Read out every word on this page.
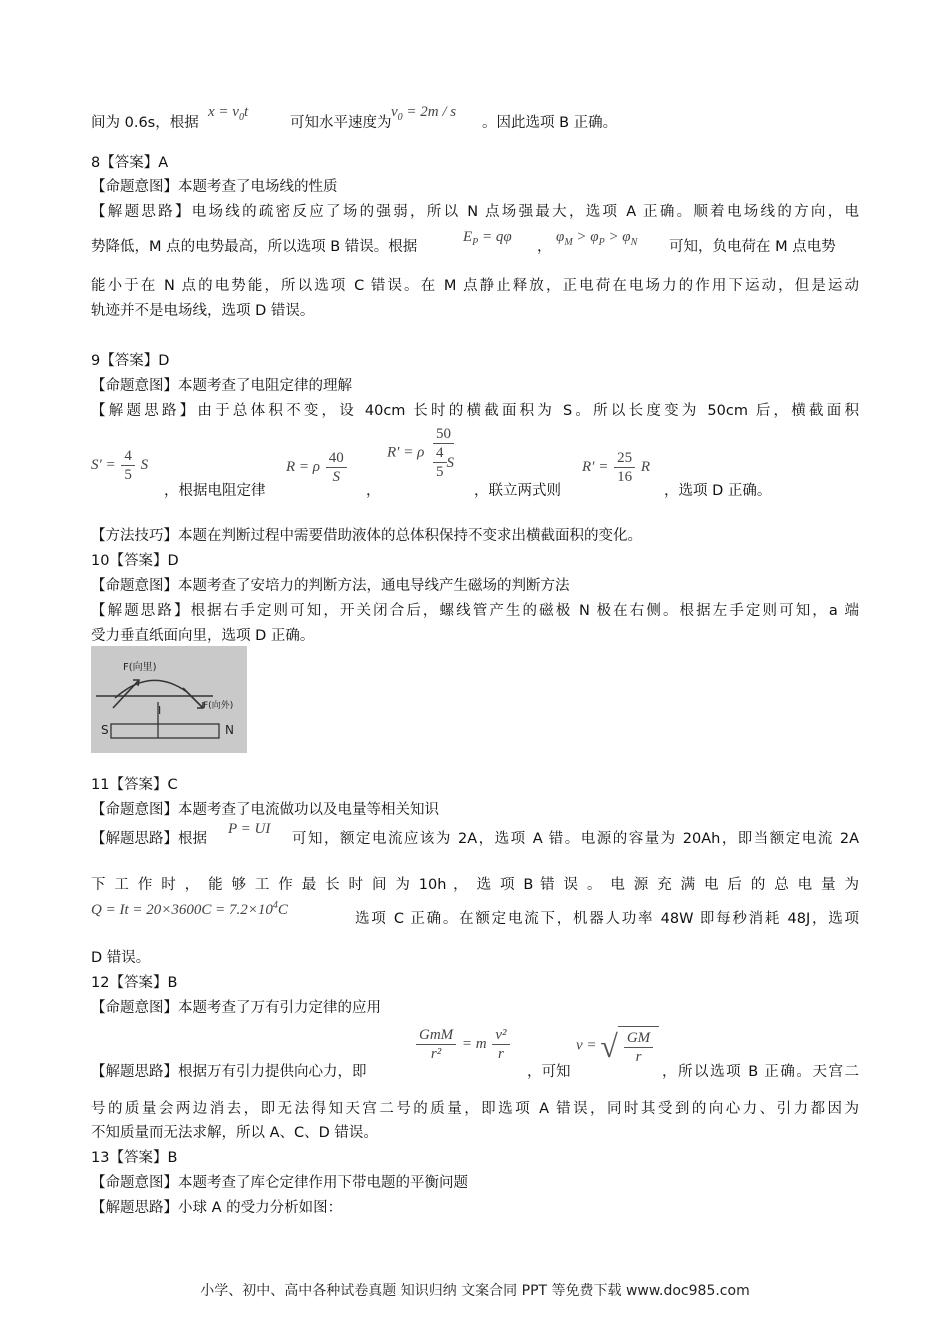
间为 0.6s，根据
$x = v_0t$
可知水平速度为
$v_0 = 2m / s$
。因此选项 B 正确。
8【答案】A
【命题意图】本题考查了电场线的性质
【解题思路】电场线的疏密反应了场的强弱，所以 N 点场强最大，选项 A 正确。顺着电场线的方向，电
势降低，M 点的电势最高，所以选项 B 错误。根据
$E_P = q\varphi$
，
$\varphi_M > \varphi_P > \varphi_N$ 可知，负电荷在 M 点电势
能小于在 N 点的电势能，所以选项 C 错误。在 M 点静止释放，正电荷在电场力的作用下运动，但是运动
轨迹并不是电场线，选项 D 错误。
9【答案】D
【命题意图】本题考查了电阻定律的理解
【解题思路】由于总体积不变，设 40cm 长时的横截面积为 S。所以长度变为 50cm 后，横截面积
$S' = \frac{4}{5}$ S
，根据电阻定律
R = ρ $\frac{40}{S}$
，
R′ = ρ $\frac{50}{\frac{4}{5} S}$
，联立两式则
$R' = \frac{25}{16}$ R
，选项 D 正确。
【方法技巧】本题在判断过程中需要借助液体的总体积保持不变求出横截面积的变化。
10【答案】D
【命题意图】本题考查了安培力的判断方法，通电导线产生磁场的判断方法
【解题思路】根据右手定则可知，开关闭合后，螺线管产生的磁极 N 极在右侧。根据左手定则可知，a 端
受力垂直纸面向里，选项 D 正确。
F(向里)
I	F(向外)
S	N
11【答案】C
【命题意图】本题考查了电流做功以及电量等相关知识
【解题思路】根据
P = UI
可知，额定电流应该为 2A，选项 A 错。电源的容量为 20Ah，即当额定电流 2A
下 工 作 时 ， 能 够 工 作 最 长 时 间 为 10h ， 选 项 B 错 误 。 电 源 充 满 电 后 的 总 电 量 为
$Q = It = 20\times 3600C = 7.2\times 10^4C$
选项 C 正确。在额定电流下，机器人功率 48W 即每秒消耗 48J，选项
D 错误。
12【答案】B
【命题意图】本题考查了万有引力定律的应用
【解题思路】根据万有引力提供向心力，即
$\frac{\text{GmM}}{\text{r²}} = m \frac{\text{v²}}{r}$
，可知
v = √ $\frac{GM}{r}$
，所以选项 B 正确。天宫二
号的质量会两边消去，即无法得知天宫二号的质量，即选项 A 错误，同时其受到的向心力、引力都因为
不知质量而无法求解，所以 A、C、D 错误。
13【答案】B
【命题意图】本题考查了库仑定律作用下带电题的平衡问题
【解题思路】小球 A 的受力分析如图：
小学、初中、高中各种试卷真题 知识归纳 文案合同 PPT 等免费下载 www.doc985.com
